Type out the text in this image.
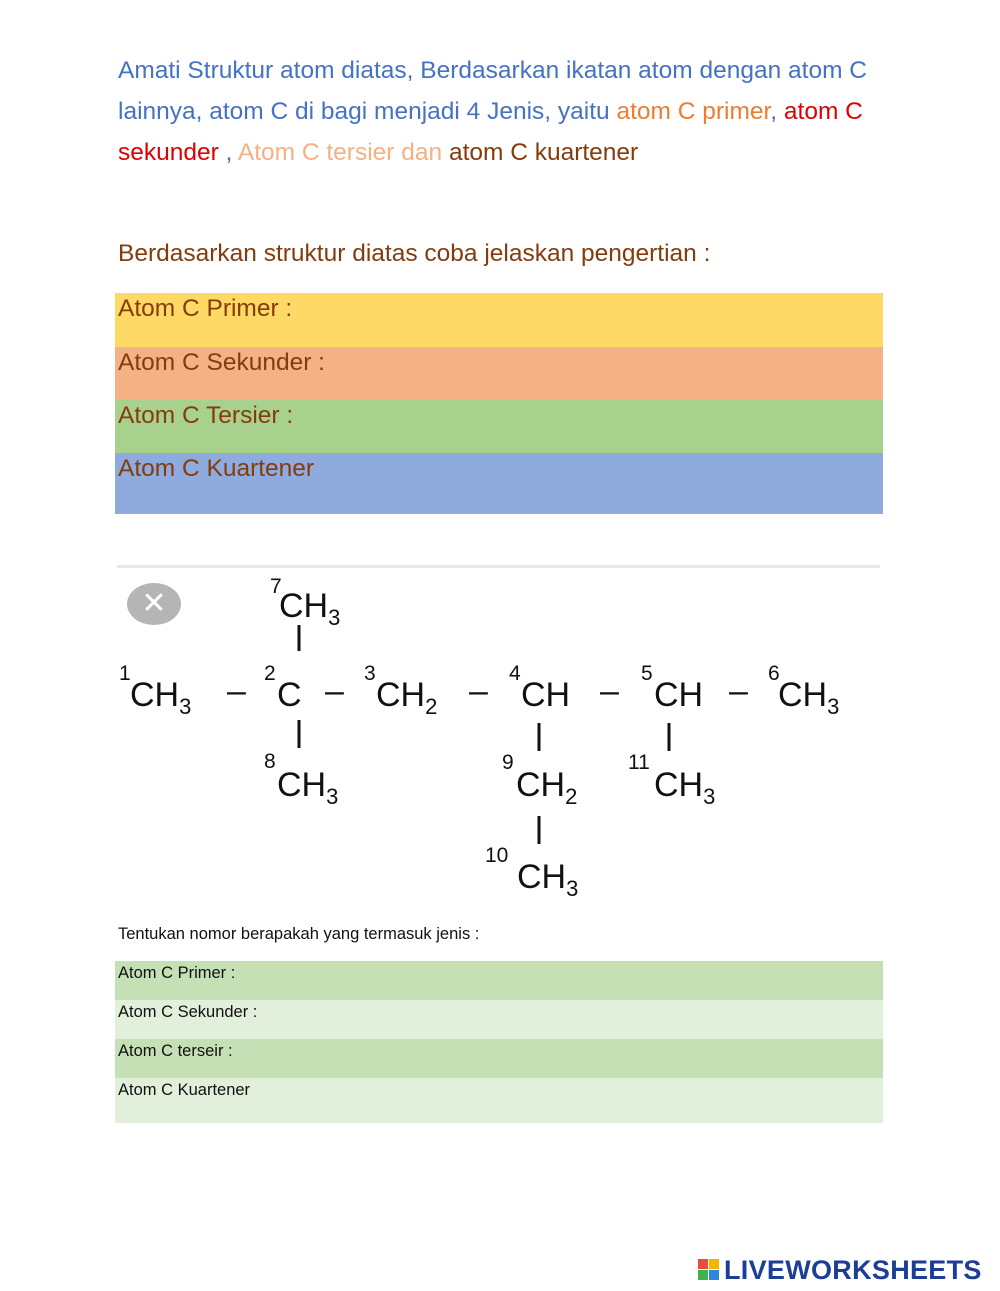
Amati Struktur atom diatas, Berdasarkan ikatan atom dengan atom C lainnya, atom C di bagi menjadi 4 Jenis, yaitu atom C primer, atom C sekunder , Atom C tersier dan atom C kuartener
Berdasarkan struktur diatas coba jelaskan pengertian :
Atom C Primer :
Atom C Sekunder :
Atom C Tersier :
Atom C Kuartener
1
$CH_3 - 2$
C – 3
$CH_2 - 4$
CH – 5
CH – 6
$CH_3$
7
$CH_3$
8
$CH_3$
9
$CH_2$
10
$CH_3$
11
$CH_3$
✕
Tentukan nomor berapakah yang termasuk jenis :
Atom C Primer :
Atom C Sekunder :
Atom C terseir :
Atom C Kuartener
LIVEWORKSHEETS
